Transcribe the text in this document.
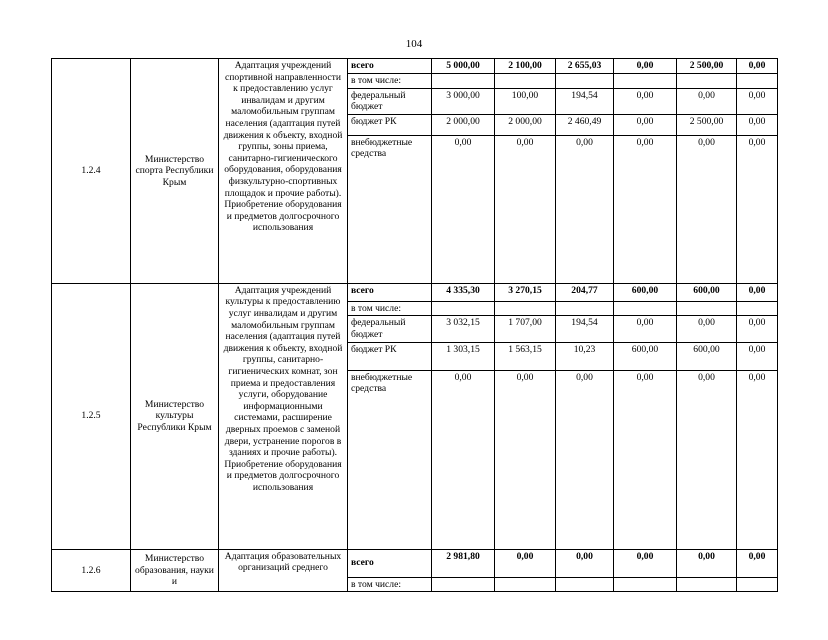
104
1.2.4	Министерство спорта Республики Крым	Адаптация учреждений спортивной направленности к предоставлению услуг инвалидам и другим маломобильным группам населения (адаптация путей движения к объекту, входной группы, зоны приема, санитарно-гигиенического оборудования, оборудования физкультурно-спортивных площадок и прочие работы). Приобретение оборудования и предметов долгосрочного использования	всего	5 000,00	2 100,00	2 655,03	0,00	2 500,00	0,00
			в том числе:						
			федеральный бюджет	3 000,00	100,00	194,54	0,00	0,00	0,00
			бюджет РК	2 000,00	2 000,00	2 460,49	0,00	2 500,00	0,00
			внебюджетные средства	0,00	0,00	0,00	0,00	0,00	0,00
1.2.5	Министерство культуры Республики Крым	Адаптация учреждений культуры к предоставлению услуг инвалидам и другим маломобильным группам населения (адаптация путей движения к объекту, входной группы, санитарно-гигиенических комнат, зон приема и предоставления услуги, оборудование информационными системами, расширение дверных проемов с заменой двери, устранение порогов в зданиях и прочие работы). Приобретение оборудования и предметов долгосрочного использования	всего	4 335,30	3 270,15	204,77	600,00	600,00	0,00
			в том числе:						
			федеральный бюджет	3 032,15	1 707,00	194,54	0,00	0,00	0,00
			бюджет РК	1 303,15	1 563,15	10,23	600,00	600,00	0,00
			внебюджетные средства	0,00	0,00	0,00	0,00	0,00	0,00
1.2.6	Министерство образования, науки и	Адаптация образовательных организаций среднего	всего	2 981,80	0,00	0,00	0,00	0,00	0,00
			в том числе:						
